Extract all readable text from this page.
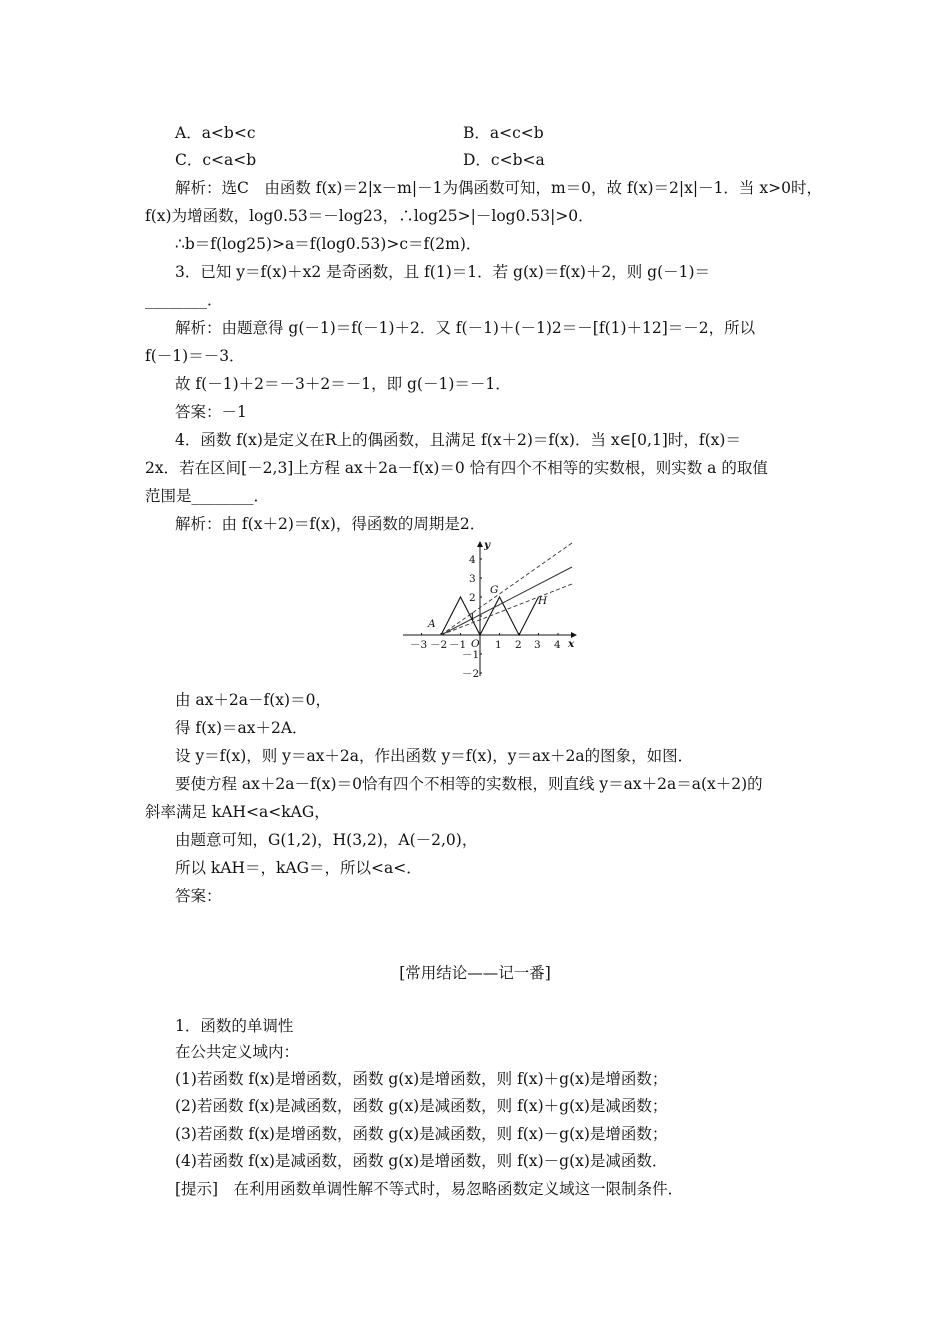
A．a<b<c	B．a<c<b
C．c<a<b	D．c<b<a
解析：选C　由函数 f(x)＝2|x－m|－1为偶函数可知，m＝0，故 f(x)＝2|x|－1．当 x>0时，
f(x)为增函数，log0.53＝－log23，∴log25>|－log0.53|>0．
∴b＝f(log25)>a＝f(log0.53)>c＝f(2m)．
3．已知 y＝f(x)＋x2 是奇函数，且 f(1)＝1．若 g(x)＝f(x)＋2，则 g(－1)＝
________．
解析：由题意得 g(－1)＝f(－1)＋2．又 f(－1)＋(－1)2＝－[f(1)＋12]＝－2，所以
f(－1)＝－3．
故 f(－1)＋2＝－3＋2＝－1，即 g(－1)＝－1．
答案：－1
4．函数 f(x)是定义在R上的偶函数，且满足 f(x＋2)＝f(x)．当 x∈[0,1]时，f(x)＝
2x．若在区间[－2,3]上方程 ax＋2a－f(x)＝0 恰有四个不相等的实数根，则实数 a 的取值
范围是________．
解析：由 f(x＋2)＝f(x)，得函数的周期是2．
－3 －2 －1	1 2 3 4
4
3
2
1
－1
－2
O	x
y
A
G
H
由 ax＋2a－f(x)＝0，
得 f(x)＝ax＋2A．
设 y＝f(x)，则 y＝ax＋2a，作出函数 y＝f(x)，y＝ax＋2a的图象，如图．
要使方程 ax＋2a－f(x)＝0恰有四个不相等的实数根，则直线 y＝ax＋2a＝a(x＋2)的
斜率满足 kAH<a<kAG，
由题意可知，G(1,2)，H(3,2)，A(－2,0)，
所以 kAH＝，kAG＝，所以<a<．
答案：
[常用结论——记一番]
1．函数的单调性
在公共定义域内：
(1)若函数 f(x)是增函数，函数 g(x)是增函数，则 f(x)＋g(x)是增函数；
(2)若函数 f(x)是减函数，函数 g(x)是减函数，则 f(x)＋g(x)是减函数；
(3)若函数 f(x)是增函数，函数 g(x)是减函数，则 f(x)－g(x)是增函数；
(4)若函数 f(x)是减函数，函数 g(x)是增函数，则 f(x)－g(x)是减函数．
[提示]　在利用函数单调性解不等式时，易忽略函数定义域这一限制条件．
